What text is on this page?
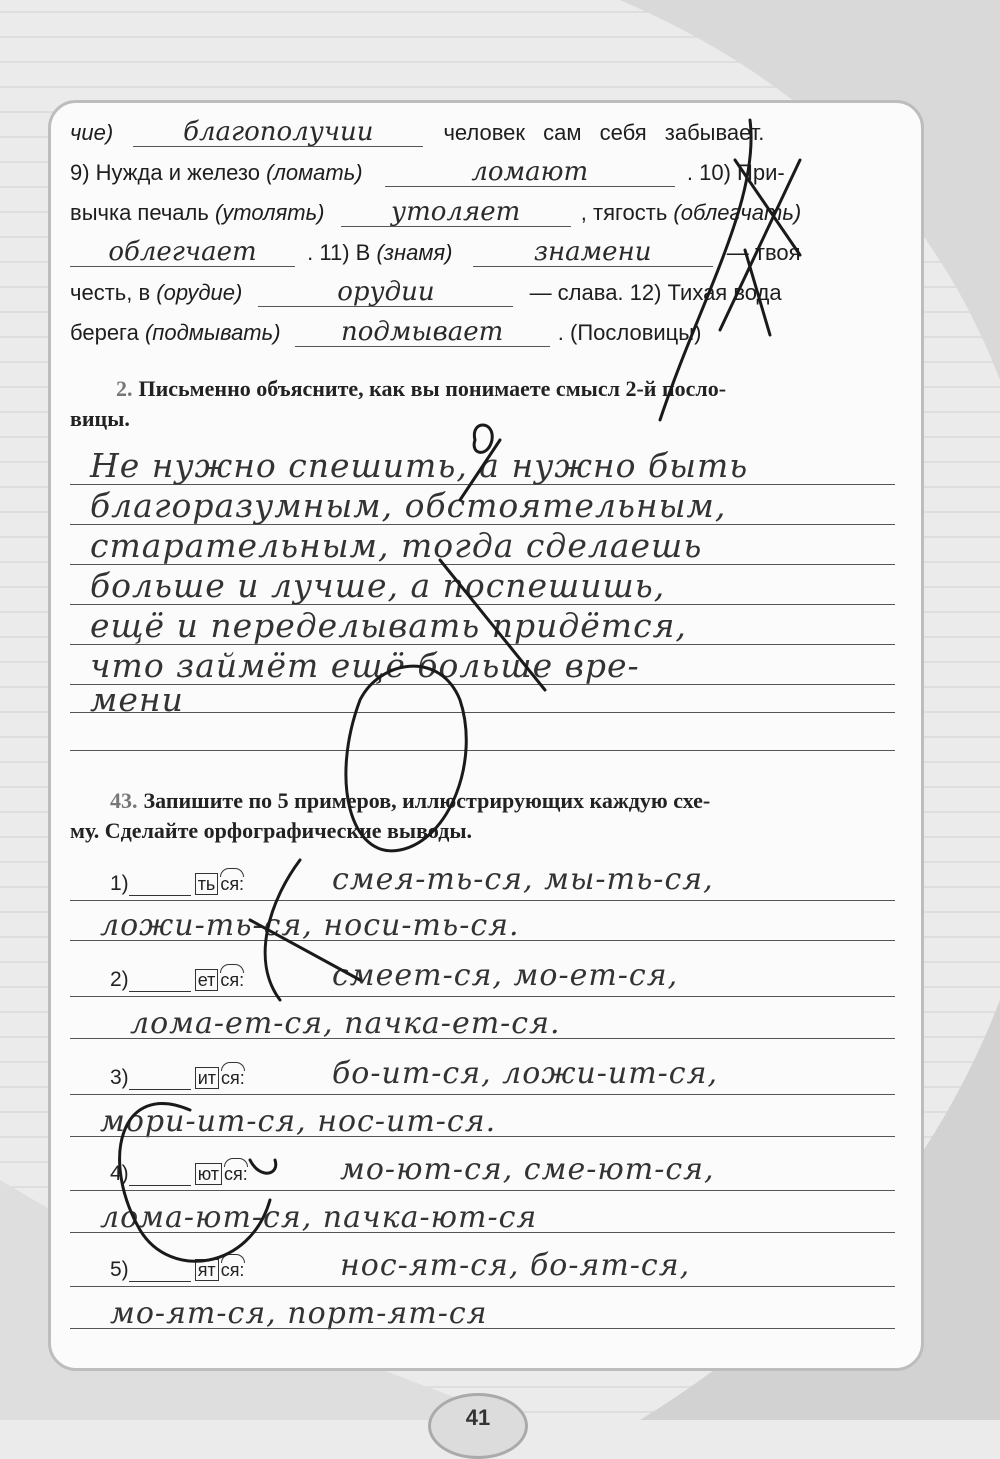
чие)	благополучии	человек сам себя забывает.
9) Нужда и железо (ломать)	ломают	. 10) При-
вычка печаль (утолять)	утоляет	, тягость (облегчать)
облегчает . 11) В (знамя)	знамени	— твоя
честь, в (орудие)	орудии	— слава. 12) Тихая вода
берега (подмывать) подмывает . (Пословицы)
2. Письменно объясните, как вы понимаете смысл 2-й посло-
вицы.
Не нужно спешить, а нужно быть
благоразумным, обстоятельным,
старательным, тогда сделаешь
больше и лучше, а поспешишь,
ещё и переделывать придётся,
что займёт ещё больше вре-
мени
43. Запишите по 5 примеров, иллюстрирующих каждую схе-
му. Сделайте орфографические выводы.
1)	ть ся:	смея-ть-ся, мы-ть-ся,
ложи-ть-ся, носи-ть-ся.
2)	ет ся:	смеет-ся, мо-ет-ся,
лома-ет-ся, пачка-ет-ся.
3)	ит ся:	бо-ит-ся, ложи-ит-ся,
мори-ит-ся, нос-ит-ся.
4)	ют ся:	мо-ют-ся, сме-ют-ся,
лома-ют-ся, пачка-ют-ся
5)	ят ся:	нос-ят-ся, бо-ят-ся,
мо-ят-ся, порт-ят-ся
41
